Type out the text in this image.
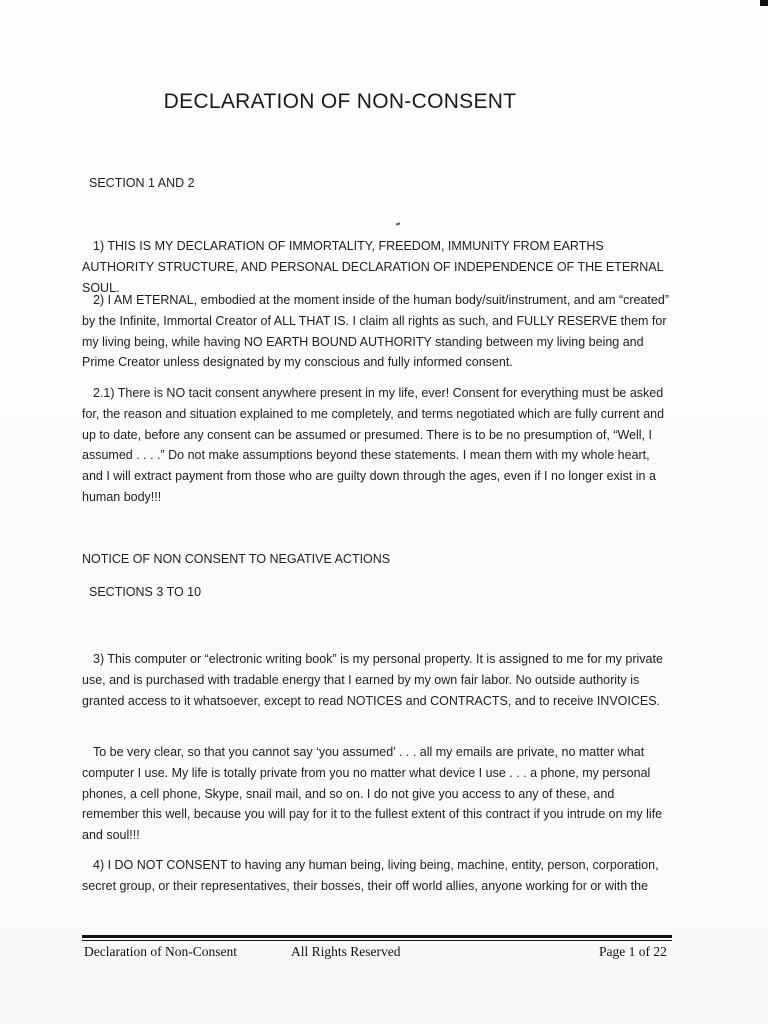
DECLARATION OF NON-CONSENT
SECTION 1 AND 2
1) THIS IS MY DECLARATION OF IMMORTALITY, FREEDOM, IMMUNITY FROM EARTHS AUTHORITY STRUCTURE, AND PERSONAL DECLARATION OF INDEPENDENCE OF THE ETERNAL SOUL.
2) I AM ETERNAL, embodied at the moment inside of the human body/suit/instrument, and am “created” by the Infinite, Immortal Creator of ALL THAT IS. I claim all rights as such, and FULLY RESERVE them for my living being, while having NO EARTH BOUND AUTHORITY standing between my living being and Prime Creator unless designated by my conscious and fully informed consent.
2.1) There is NO tacit consent anywhere present in my life, ever! Consent for everything must be asked for, the reason and situation explained to me completely, and terms negotiated which are fully current and up to date, before any consent can be assumed or presumed. There is to be no presumption of, “Well, I assumed . . . .” Do not make assumptions beyond these statements. I mean them with my whole heart, and I will extract payment from those who are guilty down through the ages, even if I no longer exist in a human body!!!
NOTICE OF NON CONSENT TO NEGATIVE ACTIONS
SECTIONS 3 TO 10
3) This computer or “electronic writing book” is my personal property. It is assigned to me for my private use, and is purchased with tradable energy that I earned by my own fair labor. No outside authority is granted access to it whatsoever, except to read NOTICES and CONTRACTS, and to receive INVOICES.
To be very clear, so that you cannot say ‘you assumed’ . . . all my emails are private, no matter what computer I use. My life is totally private from you no matter what device I use . . . a phone, my personal phones, a cell phone, Skype, snail mail, and so on. I do not give you access to any of these, and remember this well, because you will pay for it to the fullest extent of this contract if you intrude on my life and soul!!!
4) I DO NOT CONSENT to having any human being, living being, machine, entity, person, corporation, secret group, or their representatives, their bosses, their off world allies, anyone working for or with the
Declaration of Non-Consent	All Rights Reserved	Page 1 of 22
